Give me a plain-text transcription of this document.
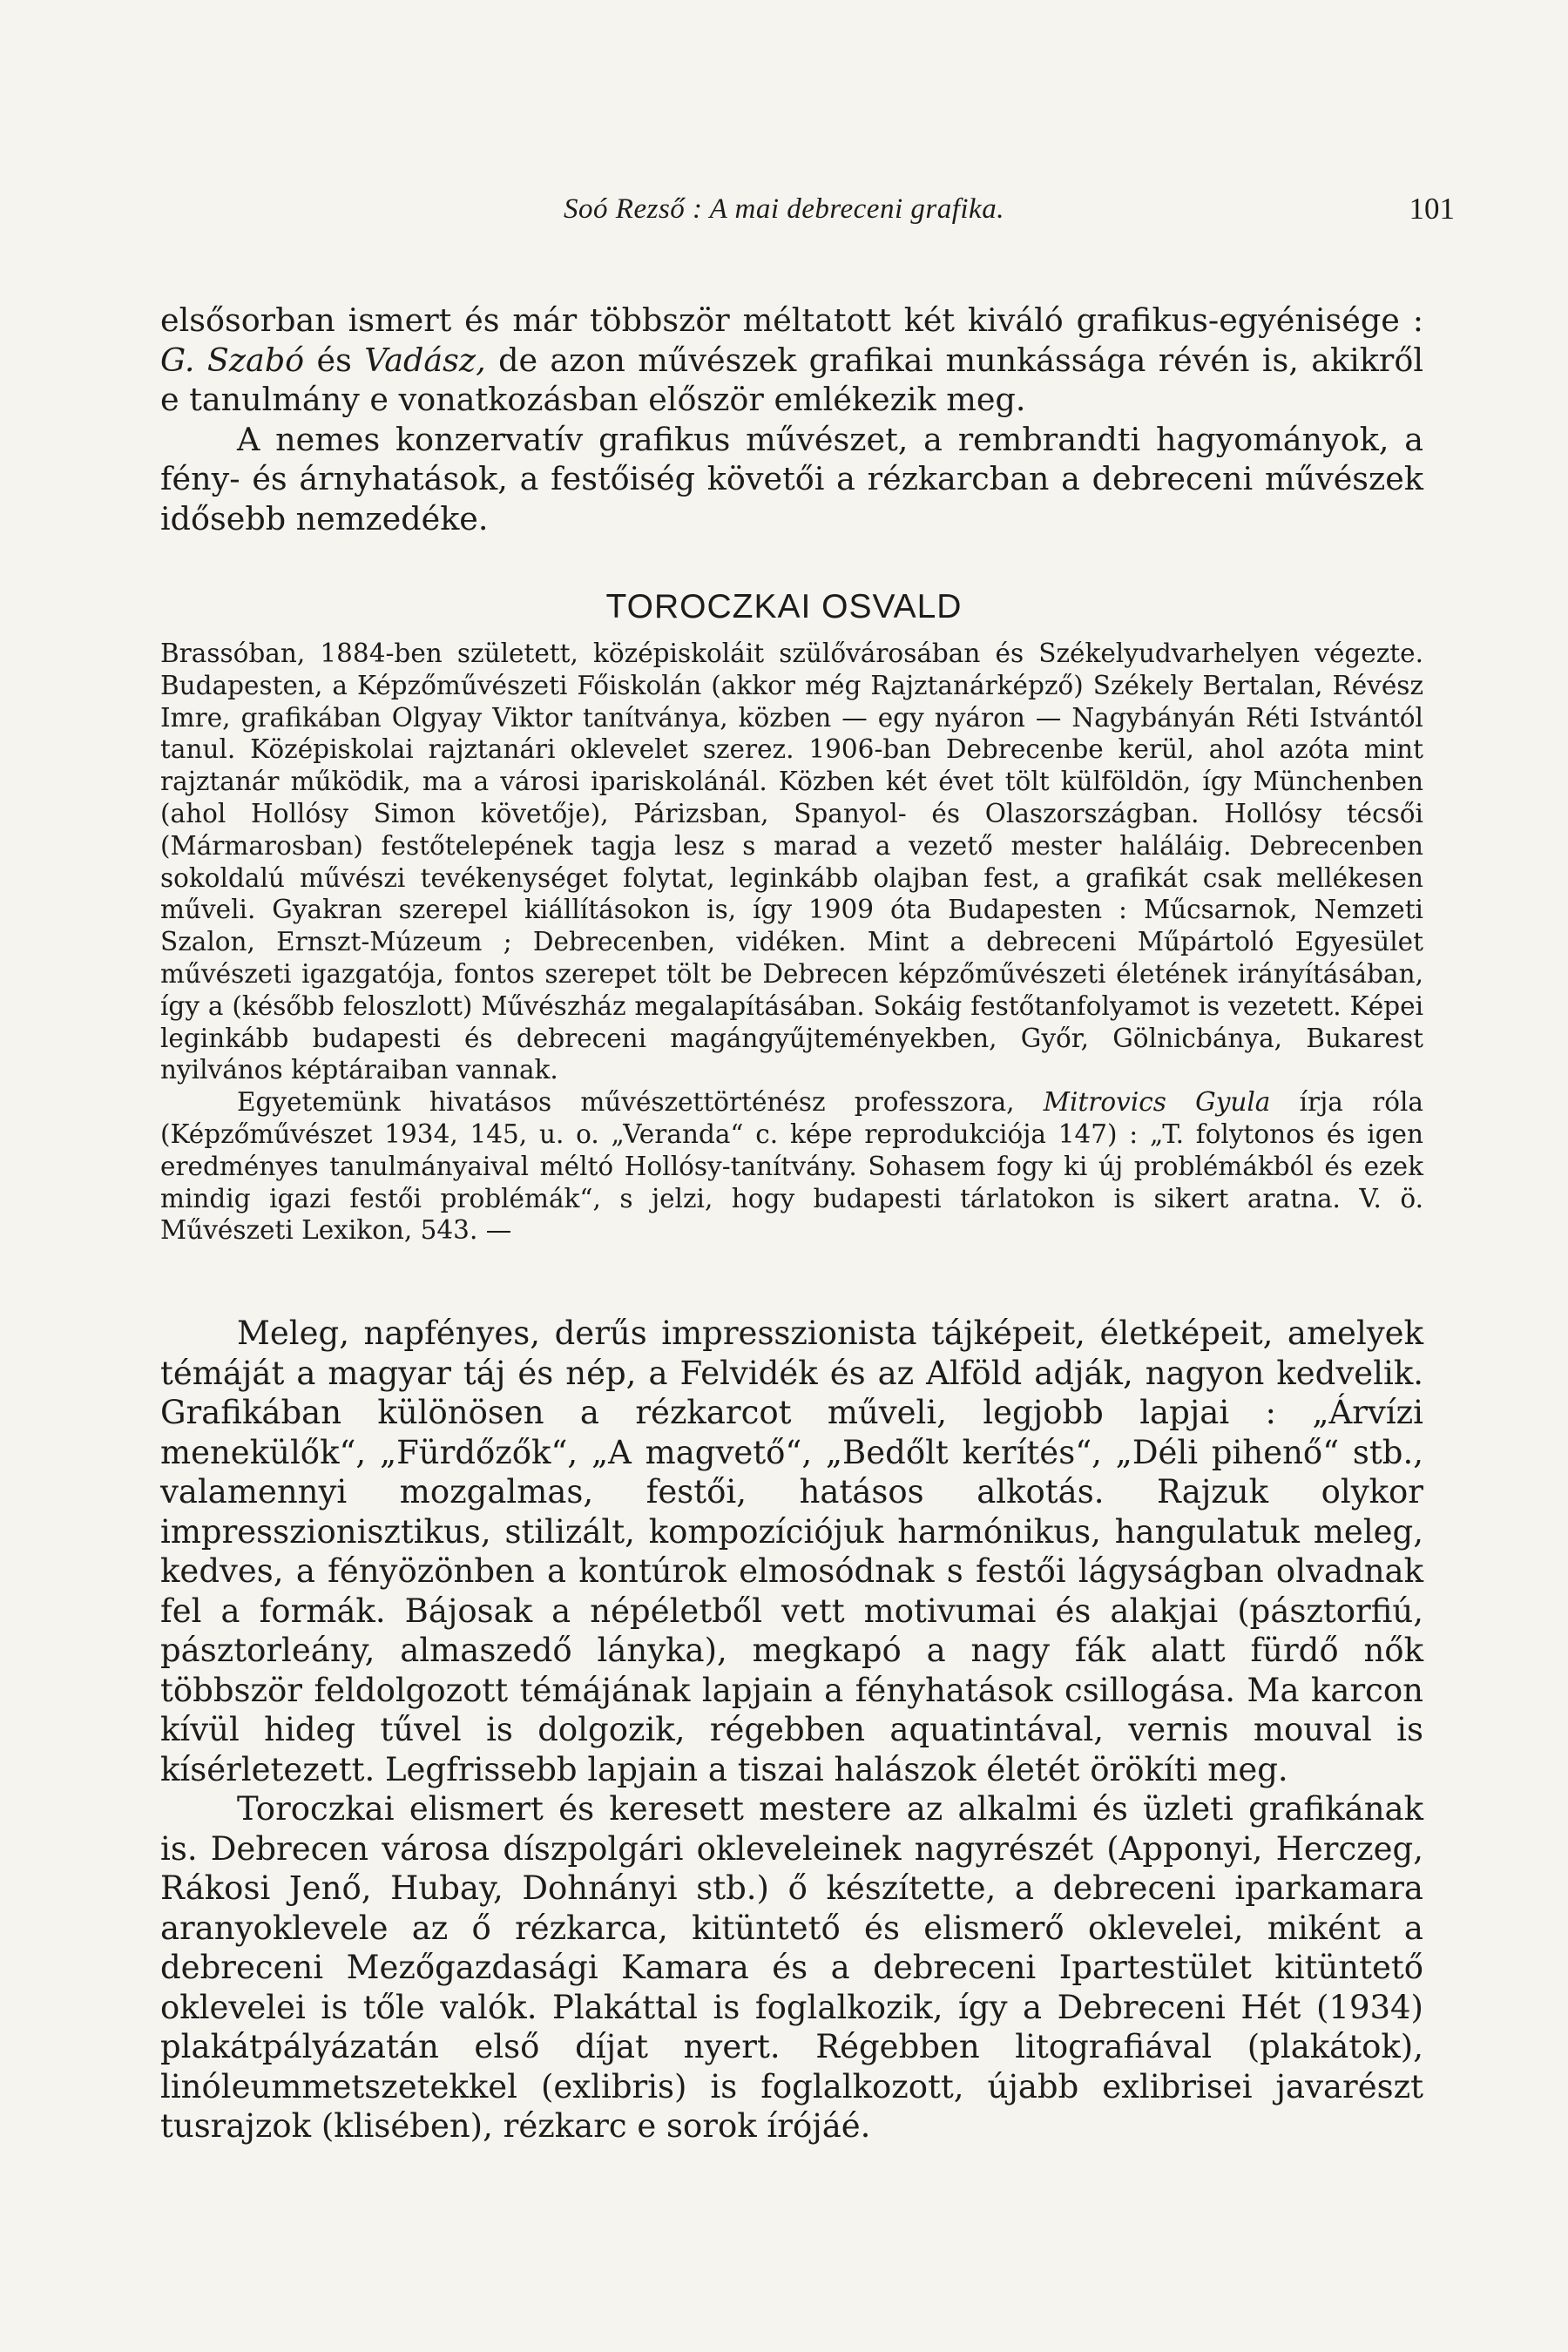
Soó Rezső : A mai debreceni grafika.	101

elsősorban ismert és már többször méltatott két kiváló grafikus-egyénisége : G. Szabó és Vadász, de azon művészek grafikai munkássága révén is, akikről e tanulmány e vonatkozásban először emlékezik meg.

A nemes konzervatív grafikus művészet, a rembrandti hagyományok, a fény- és árnyhatások, a festőiség követői a rézkarcban a debreceni művészek idősebb nemzedéke.

TOROCZKAI OSVALD

Brassóban, 1884-ben született, középiskoláit szülővárosában és Székelyudvarhelyen végezte. Budapesten, a Képzőművészeti Főiskolán (akkor még Rajztanárképző) Székely Bertalan, Révész Imre, grafikában Olgyay Viktor tanítványa, közben — egy nyáron — Nagybányán Réti Istvántól tanul. Középiskolai rajztanári oklevelet szerez. 1906-ban Debrecenbe kerül, ahol azóta mint rajztanár működik, ma a városi ipariskolánál. Közben két évet tölt külföldön, így Münchenben (ahol Hollósy Simon követője), Párizsban, Spanyol- és Olaszországban. Hollósy técsői (Mármarosban) festőtelepének tagja lesz s marad a vezető mester haláláig. Debrecenben sokoldalú művészi tevékenységet folytat, leginkább olajban fest, a grafikát csak mellékesen műveli. Gyakran szerepel kiállításokon is, így 1909 óta Budapesten : Műcsarnok, Nemzeti Szalon, Ernszt-Múzeum ; Debrecenben, vidéken. Mint a debreceni Műpártoló Egyesület művészeti igazgatója, fontos szerepet tölt be Debrecen képzőművészeti életének irányításában, így a (később feloszlott) Művészház megalapításában. Sokáig festőtanfolyamot is vezetett. Képei leginkább budapesti és debreceni magángyűjteményekben, Győr, Gölnicbánya, Bukarest nyilvános képtáraiban vannak.

Egyetemünk hivatásos művészettörténész professzora, Mitrovics Gyula írja róla (Képzőművészet 1934, 145, u. o. „Veranda“ c. képe reprodukciója 147) : „T. folytonos és igen eredményes tanulmányaival méltó Hollósy-tanítvány. Sohasem fogy ki új problémákból és ezek mindig igazi festői problémák“, s jelzi, hogy budapesti tárlatokon is sikert aratna. V. ö. Művészeti Lexikon, 543. —

Meleg, napfényes, derűs impresszionista tájképeit, életképeit, amelyek témáját a magyar táj és nép, a Felvidék és az Alföld adják, nagyon kedvelik. Grafikában különösen a rézkarcot műveli, legjobb lapjai : „Árvízi menekülők“, „Fürdőzők“, „A magvető“, „Bedőlt kerítés“, „Déli pihenő“ stb., valamennyi mozgalmas, festői, hatásos alkotás. Rajzuk olykor impresszionisztikus, stilizált, kompozíciójuk harmónikus, hangulatuk meleg, kedves, a fényözönben a kontúrok elmosódnak s festői lágyságban olvadnak fel a formák. Bájosak a népéletből vett motivumai és alakjai (pásztorfiú, pásztorleány, almaszedő lányka), megkapó a nagy fák alatt fürdő nők többször feldolgozott témájának lapjain a fényhatások csillogása. Ma karcon kívül hideg tűvel is dolgozik, régebben aquatintával, vernis mouval is kísérletezett. Legfrissebb lapjain a tiszai halászok életét örökíti meg.

Toroczkai elismert és keresett mestere az alkalmi és üzleti grafikának is. Debrecen városa díszpolgári okleveleinek nagyrészét (Apponyi, Herczeg, Rákosi Jenő, Hubay, Dohnányi stb.) ő készítette, a debreceni iparkamara aranyoklevele az ő rézkarca, kitüntető és elismerő oklevelei, miként a debreceni Mezőgazdasági Kamara és a debreceni Ipartestület kitüntető oklevelei is tőle valók. Plakáttal is foglalkozik, így a Debreceni Hét (1934) plakátpályázatán első díjat nyert. Régebben litografiával (plakátok), linóleummetszetekkel (exlibris) is foglalkozott, újabb exlibrisei javarészt tusrajzok (klisében), rézkarc e sorok írójáé.
